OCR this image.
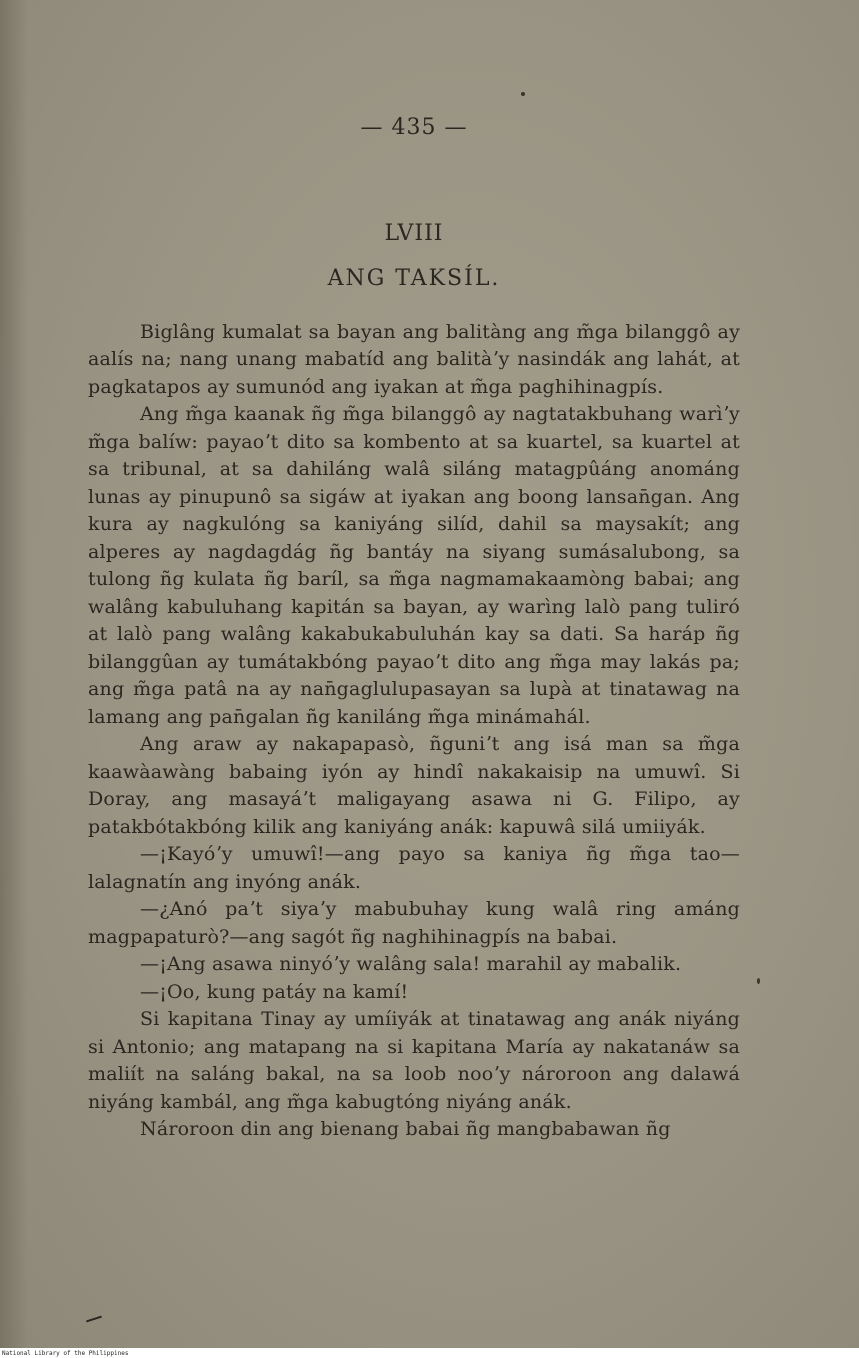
— 435 —
LVIII
ANG TAKSÍL.

Biglâng kumalat sa bayan ang balitàng ang m̃ga bilanggô ay aalís na; nang unang mabatíd ang balitàʼy nasindák ang lahát, at pagkatapos ay sumunód ang iyakan at m̃ga paghihinagpís.

Ang m̃ga kaanak ñg m̃ga bilanggô ay nagtatakbuhang warìʼy m̃ga balíw: payaoʼt dito sa kombento at sa kuartel, sa kuartel at sa tribunal, at sa dahiláng walâ siláng matagpûáng anománg lunas ay pinupunô sa sigáw at iyakan ang boong lansan̄gan. Ang kura ay nagkulóng sa kaniyáng silíd, dahil sa maysakít; ang alperes ay nagdagdág ñg bantáy na siyang sumásalubong, sa tulong ñg kulata ñg baríl, sa m̃ga nagmamakaamòng babai; ang walâng kabuluhang kapitán sa bayan, ay warìng lalò pang tuliró at lalò pang walâng kakabukabuluhán kay sa dati. Sa haráp ñg bilanggûan ay tumátakbóng payaoʼt dito ang m̃ga may lakás pa; ang m̃ga patâ na ay nan̄gaglulupasayan sa lupà at tinatawag na lamang ang pan̄galan ñg kaniláng m̃ga minámahál.

Ang araw ay nakapapasò, ñguniʼt ang isá man sa m̃ga kaawàawàng babaing iyón ay hindî nakakaisip na umuwî. Si Doray, ang masayáʼt maligayang asawa ni G. Filipo, ay patakbótakbóng kilik ang kaniyáng anák: kapuwâ silá umiiyák.

—¡Kayóʼy umuwî!—ang payo sa kaniya ñg m̃ga tao—lalagnatín ang inyóng anák.

—¿Anó paʼt siyaʼy mabubuhay kung walâ ring amáng magpapaturò?—ang sagót ñg naghihinagpís na babai.

—¡Ang asawa ninyóʼy walâng sala! marahil ay mabalik.

—¡Oo, kung patáy na kamí!

Si kapitana Tinay ay umíiyák at tinatawag ang anák niyáng si Antonio; ang matapang na si kapitana María ay nakatanáw sa maliít na saláng bakal, na sa loob nooʼy nároroon ang dalawá niyáng kambál, ang m̃ga kabugtóng niyáng anák.

Nároroon din ang bienang babai ñg mangbabawan ñg

National Library of the Philippines
